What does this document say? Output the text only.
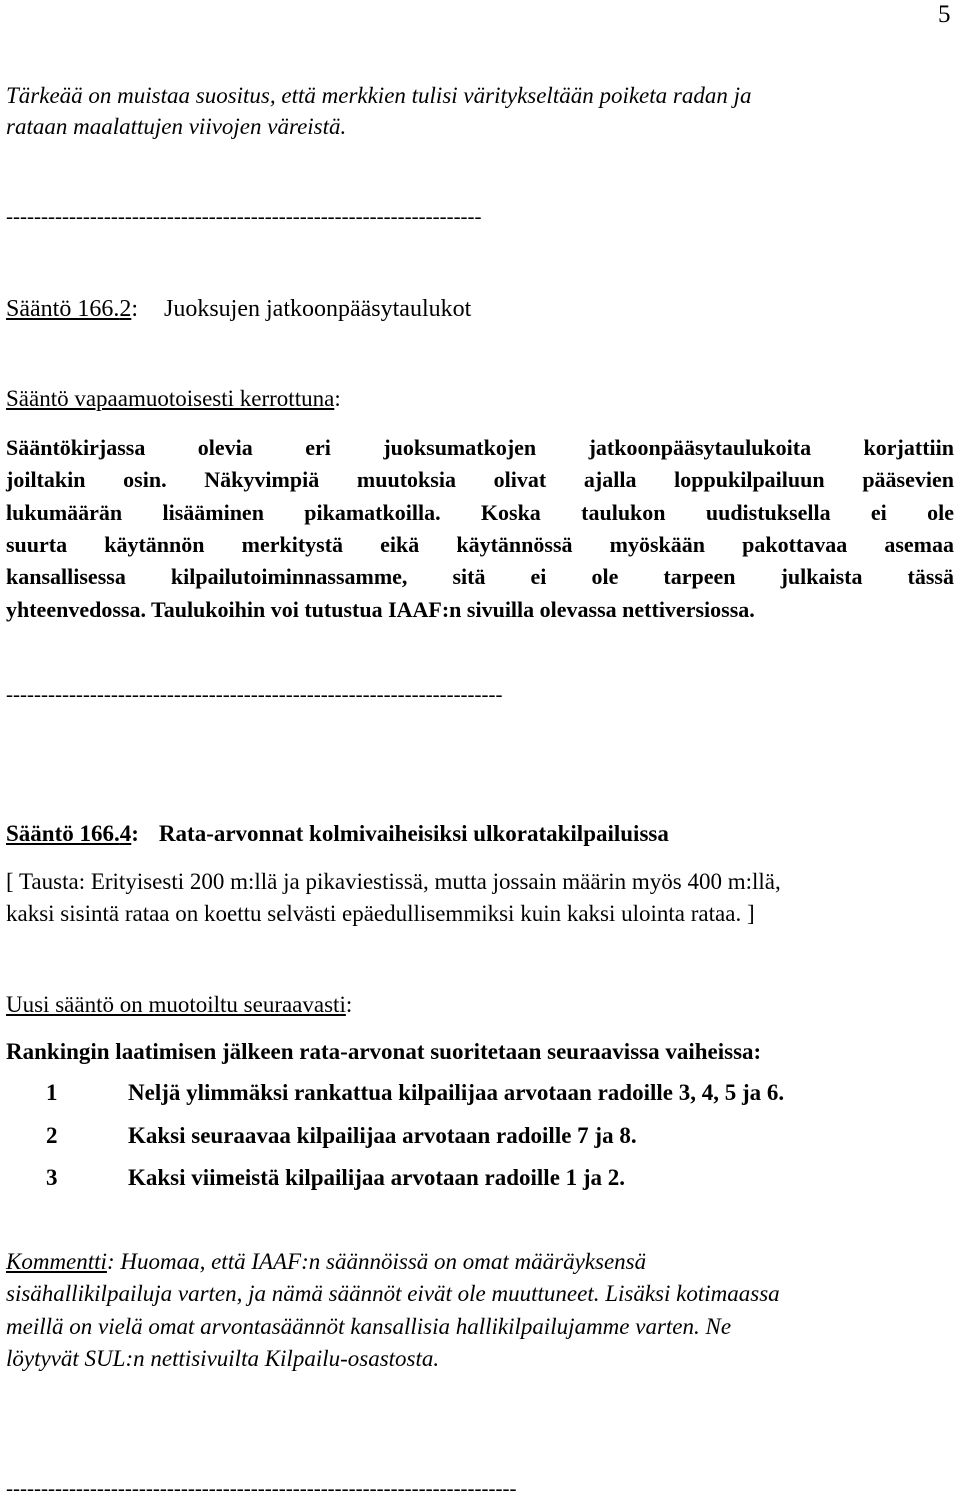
5
Tärkeää on muistaa suositus, että merkkien tulisi väritykseltään poiketa radan ja
rataan maalattujen viivojen väreistä.
--------------------------------------------------------------------
Sääntö 166.2: Juoksujen jatkoonpääsytaulukot
Sääntö vapaamuotoisesti kerrottuna:
Sääntökirjassa olevia eri juoksumatkojen jatkoonpääsytaulukoita korjattiin
joiltakin osin. Näkyvimpiä muutoksia olivat ajalla loppukilpailuun pääsevien
lukumäärän lisääminen pikamatkoilla. Koska taulukon uudistuksella ei ole
suurta käytännön merkitystä eikä käytännössä myöskään pakottavaa asemaa
kansallisessa kilpailutoiminnassamme, sitä ei ole tarpeen julkaista tässä
yhteenvedossa. Taulukoihin voi tutustua IAAF:n sivuilla olevassa nettiversiossa.
-----------------------------------------------------------------------
Sääntö 166.4: Rata-arvonnat kolmivaiheisiksi ulkoratakilpailuissa
[ Tausta: Erityisesti 200 m:llä ja pikaviestissä, mutta jossain määrin myös 400 m:llä,
kaksi sisintä rataa on koettu selvästi epäedullisemmiksi kuin kaksi ulointa rataa. ]
Uusi sääntö on muotoiltu seuraavasti:
Rankingin laatimisen jälkeen rata-arvonat suoritetaan seuraavissa vaiheissa:
1	Neljä ylimmäksi rankattua kilpailijaa arvotaan radoille 3, 4, 5 ja 6.
2	Kaksi seuraavaa kilpailijaa arvotaan radoille 7 ja 8.
3	Kaksi viimeistä kilpailijaa arvotaan radoille 1 ja 2.
Kommentti: Huomaa, että IAAF:n säännöissä on omat määräyksensä
sisähallikilpailuja varten, ja nämä säännöt eivät ole muuttuneet. Lisäksi kotimaassa
meillä on vielä omat arvontasäännöt kansallisia hallikilpailujamme varten. Ne
löytyvät SUL:n nettisivuilta Kilpailu-osastosta.
-------------------------------------------------------------------------
